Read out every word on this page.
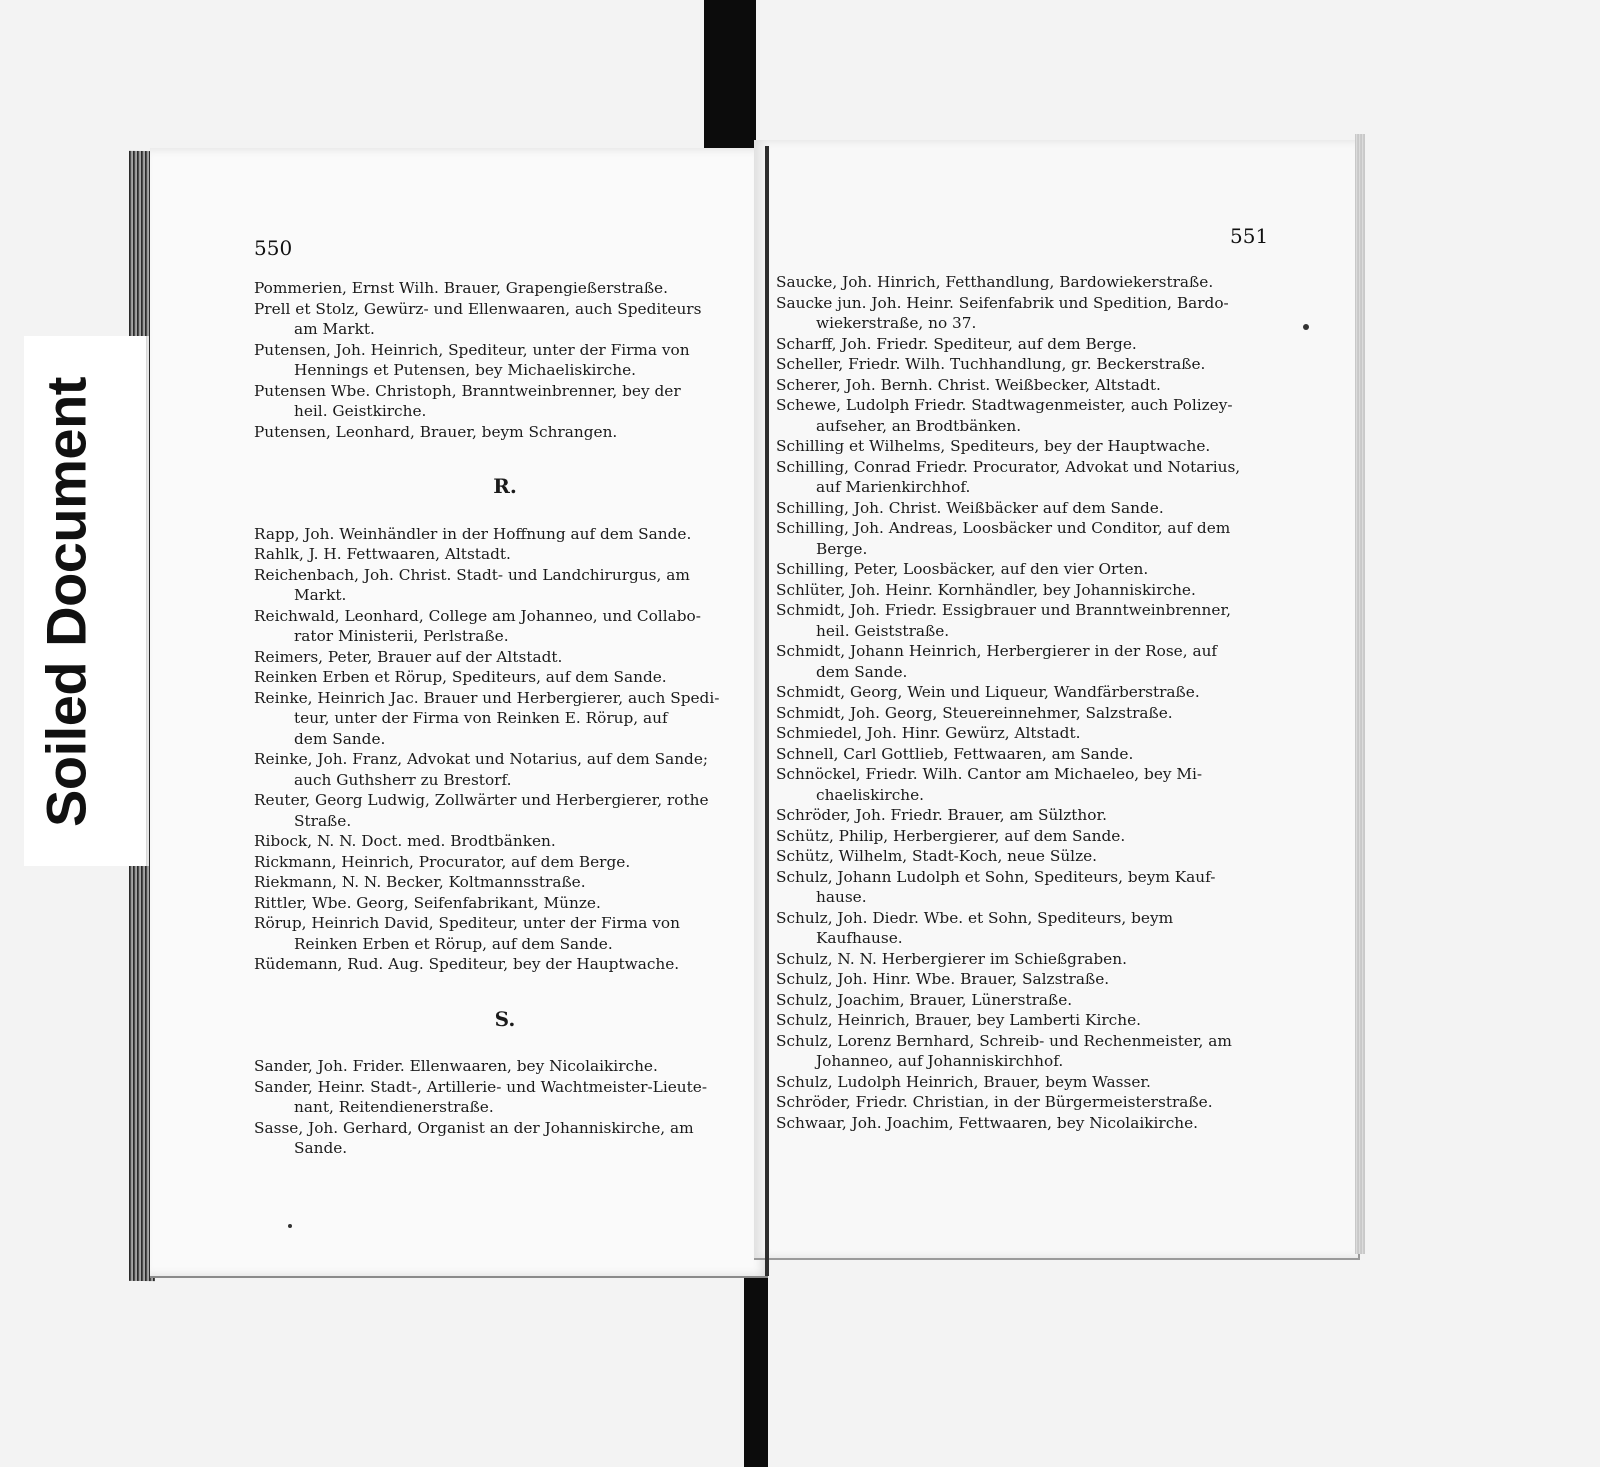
Soiled Document
550	551
Pommerien, Ernst Wilh. Brauer, Grapengießerstraße.
Prell et Stolz, Gewürz- und Ellenwaaren, auch Spediteurs
am Markt.
Putensen, Joh. Heinrich, Spediteur, unter der Firma von
Hennings et Putensen, bey Michaeliskirche.
Putensen Wbe. Christoph, Branntweinbrenner, bey der
heil. Geistkirche.
Putensen, Leonhard, Brauer, beym Schrangen.

R.

Rapp, Joh. Weinhändler in der Hoffnung auf dem Sande.
Rahlk, J. H. Fettwaaren, Altstadt.
Reichenbach, Joh. Christ. Stadt- und Landchirurgus, am
Markt.
Reichwald, Leonhard, College am Johanneo, und Collabo-
rator Ministerii, Perlstraße.
Reimers, Peter, Brauer auf der Altstadt.
Reinken Erben et Rörup, Spediteurs, auf dem Sande.
Reinke, Heinrich Jac. Brauer und Herbergierer, auch Spedi-
teur, unter der Firma von Reinken E. Rörup, auf
dem Sande.
Reinke, Joh. Franz, Advokat und Notarius, auf dem Sande;
auch Guthsherr zu Brestorf.
Reuter, Georg Ludwig, Zollwärter und Herbergierer, rothe
Straße.
Ribock, N. N. Doct. med. Brodtbänken.
Rickmann, Heinrich, Procurator, auf dem Berge.
Riekmann, N. N. Becker, Koltmannsstraße.
Rittler, Wbe. Georg, Seifenfabrikant, Münze.
Rörup, Heinrich David, Spediteur, unter der Firma von
Reinken Erben et Rörup, auf dem Sande.
Rüdemann, Rud. Aug. Spediteur, bey der Hauptwache.

S.

Sander, Joh. Frider. Ellenwaaren, bey Nicolaikirche.
Sander, Heinr. Stadt-, Artillerie- und Wachtmeister-Lieute-
nant, Reitendienerstraße.
Sasse, Joh. Gerhard, Organist an der Johanniskirche, am
Sande.
Saucke, Joh. Hinrich, Fetthandlung, Bardowiekerstraße.
Saucke jun. Joh. Heinr. Seifenfabrik und Spedition, Bardo-
wiekerstraße, no 37.
Scharff, Joh. Friedr. Spediteur, auf dem Berge.
Scheller, Friedr. Wilh. Tuchhandlung, gr. Beckerstraße.
Scherer, Joh. Bernh. Christ. Weißbecker, Altstadt.
Schewe, Ludolph Friedr. Stadtwagenmeister, auch Polizey-
aufseher, an Brodtbänken.
Schilling et Wilhelms, Spediteurs, bey der Hauptwache.
Schilling, Conrad Friedr. Procurator, Advokat und Notarius,
auf Marienkirchhof.
Schilling, Joh. Christ. Weißbäcker auf dem Sande.
Schilling, Joh. Andreas, Loosbäcker und Conditor, auf dem
Berge.
Schilling, Peter, Loosbäcker, auf den vier Orten.
Schlüter, Joh. Heinr. Kornhändler, bey Johanniskirche.
Schmidt, Joh. Friedr. Essigbrauer und Branntweinbrenner,
heil. Geiststraße.
Schmidt, Johann Heinrich, Herbergierer in der Rose, auf
dem Sande.
Schmidt, Georg, Wein und Liqueur, Wandfärberstraße.
Schmidt, Joh. Georg, Steuereinnehmer, Salzstraße.
Schmiedel, Joh. Hinr. Gewürz, Altstadt.
Schnell, Carl Gottlieb, Fettwaaren, am Sande.
Schnöckel, Friedr. Wilh. Cantor am Michaeleo, bey Mi-
chaeliskirche.
Schröder, Joh. Friedr. Brauer, am Sülzthor.
Schütz, Philip, Herbergierer, auf dem Sande.
Schütz, Wilhelm, Stadt-Koch, neue Sülze.
Schulz, Johann Ludolph et Sohn, Spediteurs, beym Kauf-
hause.
Schulz, Joh. Diedr. Wbe. et Sohn, Spediteurs, beym
Kaufhause.
Schulz, N. N. Herbergierer im Schießgraben.
Schulz, Joh. Hinr. Wbe. Brauer, Salzstraße.
Schulz, Joachim, Brauer, Lünerstraße.
Schulz, Heinrich, Brauer, bey Lamberti Kirche.
Schulz, Lorenz Bernhard, Schreib- und Rechenmeister, am
Johanneo, auf Johanniskirchhof.
Schulz, Ludolph Heinrich, Brauer, beym Wasser.
Schröder, Friedr. Christian, in der Bürgermeisterstraße.
Schwaar, Joh. Joachim, Fettwaaren, bey Nicolaikirche.
